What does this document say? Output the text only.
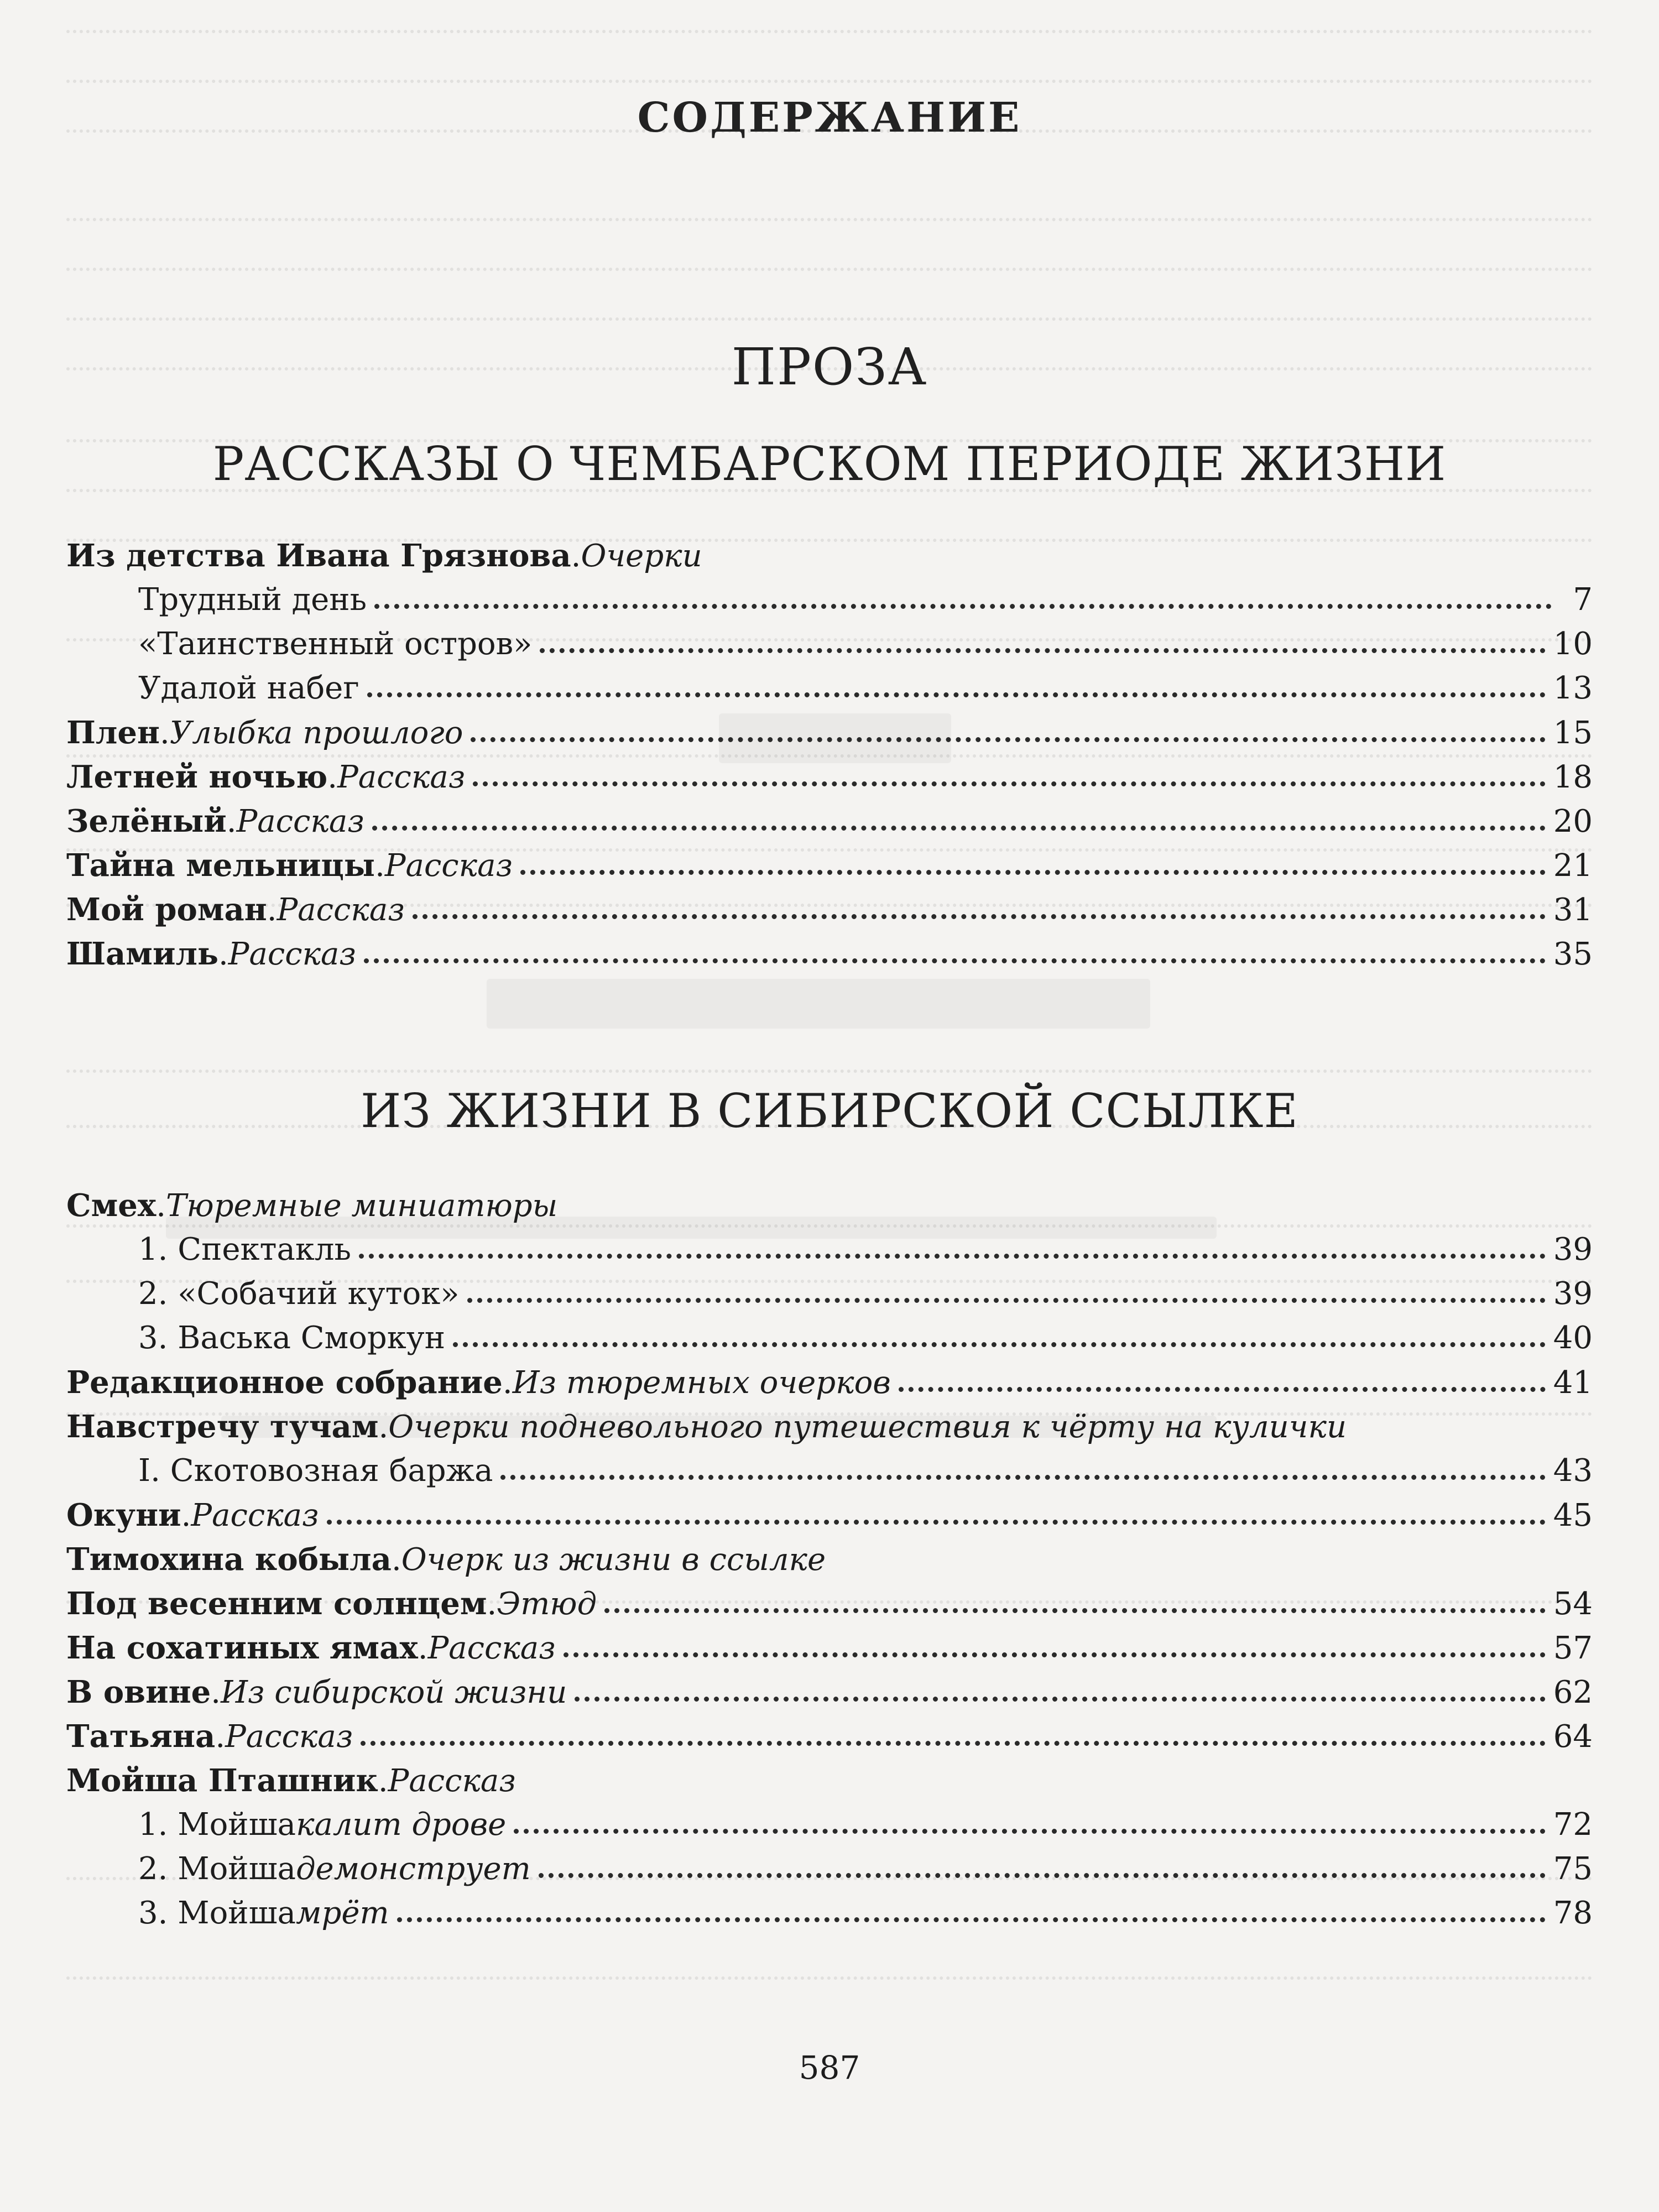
СОДЕРЖАНИЕ
ПРОЗА
РАССКАЗЫ О ЧЕМБАРСКОМ ПЕРИОДЕ ЖИЗНИ
ИЗ ЖИЗНИ В СИБИРСКОЙ ССЫЛКЕ
Из детства Ивана Грязнова . Очерки
Трудный день	7
«Таинственный остров»	10
Удалой набег	13
Плен . Улыбка прошлого	15
Летней ночью . Рассказ	18
Зелёный . Рассказ	20
Тайна мельницы . Рассказ	21
Мой роман . Рассказ	31
Шамиль . Рассказ	35
Смех . Тюремные миниатюры
1. Спектакль	39
2. «Собачий куток»	39
3. Васька Сморкун	40
Редакционное собрание . Из тюремных очерков	41
Навстречу тучам . Очерки подневольного путешествия к чёрту на кулички
I. Скотовозная баржа	43
Окуни . Рассказ	45
Тимохина кобыла . Очерк из жизни в ссылке
Под весенним солнцем . Этюд	54
На сохатиных ямах . Рассказ	57
В овине . Из сибирской жизни	62
Татьяна . Рассказ	64
Мойша Пташник . Рассказ
1. Мойша калит дрове	72
2. Мойша демонструет	75
3. Мойша мрёт	78
587
